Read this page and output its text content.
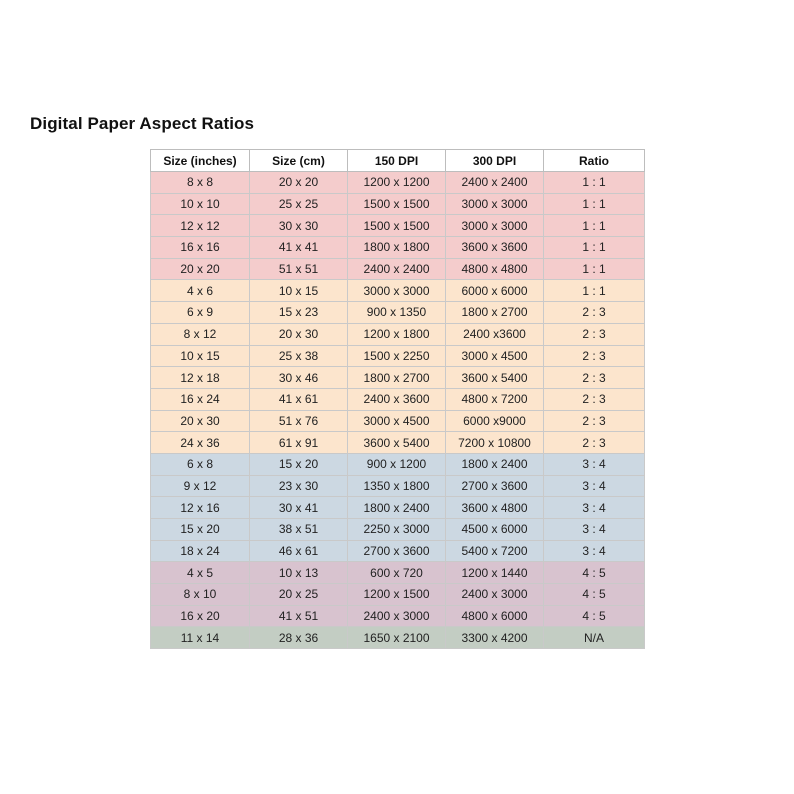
Digital Paper Aspect Ratios
Size (inches)	Size (cm)	150 DPI	300 DPI	Ratio
8 x 8	20 x 20	1200 x 1200	2400 x 2400	1 : 1
10 x 10	25 x 25	1500 x 1500	3000 x 3000	1 : 1
12 x 12	30 x 30	1500 x 1500	3000 x 3000	1 : 1
16 x 16	41 x 41	1800 x 1800	3600 x 3600	1 : 1
20 x 20	51 x 51	2400 x 2400	4800 x 4800	1 : 1
4 x 6	10 x 15	3000 x 3000	6000 x 6000	1 : 1
6 x 9	15 x 23	900 x 1350	1800 x 2700	2 : 3
8 x 12	20 x 30	1200 x 1800	2400 x3600	2 : 3
10 x 15	25 x 38	1500 x 2250	3000 x 4500	2 : 3
12 x 18	30 x 46	1800 x 2700	3600 x 5400	2 : 3
16 x 24	41 x 61	2400 x 3600	4800 x 7200	2 : 3
20 x 30	51 x 76	3000 x 4500	6000 x9000	2 : 3
24 x 36	61 x 91	3600 x 5400	7200 x 10800	2 : 3
6 x 8	15 x 20	900 x 1200	1800 x 2400	3 : 4
9 x 12	23 x 30	1350 x 1800	2700 x 3600	3 : 4
12 x 16	30 x 41	1800 x 2400	3600 x 4800	3 : 4
15 x 20	38 x 51	2250 x 3000	4500 x 6000	3 : 4
18 x 24	46 x 61	2700 x 3600	5400 x 7200	3 : 4
4 x 5	10 x 13	600 x 720	1200 x 1440	4 : 5
8 x 10	20 x 25	1200 x 1500	2400 x 3000	4 : 5
16 x 20	41 x 51	2400 x 3000	4800 x 6000	4 : 5
11 x 14	28 x 36	1650 x 2100	3300 x 4200	N/A
